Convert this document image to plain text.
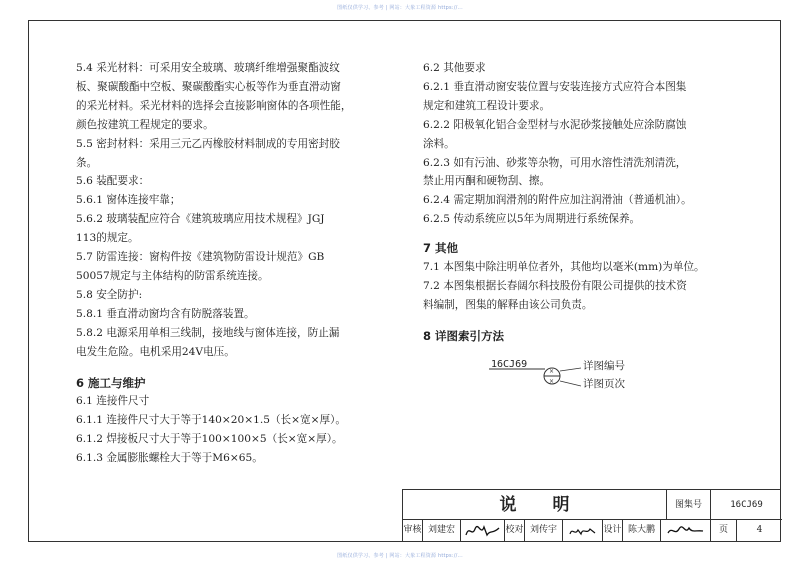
图纸仅供学习、参考 | 网站：大象工程资源 https://...
5.4 采光材料：可采用安全玻璃、玻璃纤维增强聚酯波纹
板、聚碳酸酯中空板、聚碳酸酯实心板等作为垂直滑动窗
的采光材料。采光材料的选择会直接影响窗体的各项性能，
颜色按建筑工程规定的要求。
5.5 密封材料：采用三元乙丙橡胶材料制成的专用密封胶
条。
5.6 装配要求：
5.6.1 窗体连接牢靠；
5.6.2 玻璃装配应符合《建筑玻璃应用技术规程》JGJ
113的规定。
5.7 防雷连接：窗构件按《建筑物防雷设计规范》GB
50057规定与主体结构的防雷系统连接。
5.8 安全防护:
5.8.1 垂直滑动窗均含有防脱落装置。
5.8.2 电源采用单相三线制，接地线与窗体连接，防止漏
电发生危险。电机采用24V电压。
6 施工与维护
6.1 连接件尺寸
6.1.1 连接件尺寸大于等于140×20×1.5（长×宽×厚）。
6.1.2 焊接板尺寸大于等于100×100×5（长×宽×厚）。
6.1.3 金属膨胀螺栓大于等于M6×65。
6.2 其他要求
6.2.1 垂直滑动窗安装位置与安装连接方式应符合本图集
规定和建筑工程设计要求。
6.2.2 阳极氧化铝合金型材与水泥砂浆接触处应涂防腐蚀
涂料。
6.2.3 如有污油、砂浆等杂物，可用水溶性清洗剂清洗，
禁止用丙酮和硬物刮、擦。
6.2.4 需定期加润滑剂的附件应加注润滑油（普通机油）。
6.2.5 传动系统应以5年为周期进行系统保养。
7 其他
7.1 本图集中除注明单位者外，其他均以毫米(mm)为单位。
7.2 本图集根据长春阔尔科技股份有限公司提供的技术资
料编制，图集的解释由该公司负责。
8 详图索引方法
×
×
16CJ69	详图编号
详图页次
说明	图集号	16CJ69
审核 刘建宏	校对 刘传宇	设计 陈大鹏	页	4
图纸仅供学习、参考 | 网站：大象工程资源 https://...
